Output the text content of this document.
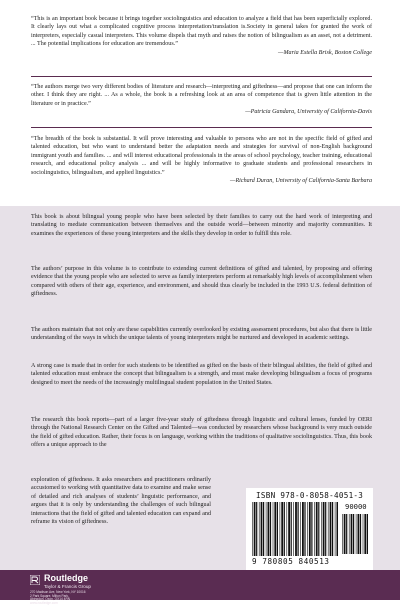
“This is an important book because it brings together sociolinguistics and education to analyze a field that has been superficially explored. It clearly lays out what a complicated cognitive process interpretation/translation is.Society in general takes for granted the work of interpreters, especially casual interpreters. This volume dispels that myth and raises the notion of bilingualism as an asset, not a detriment. ... The potential implications for education are tremendous.”
—Maria Estella Brisk, Boston College
“The authors merge two very different bodies of literature and research—interpreting and giftedness—and propose that one can inform the other. I think they are right. ... As a whole, the book is a refreshing look at an area of competence that is given little attention in the literature or in practice.”
—Patricia Gandara, University of California-Davis
“The breadth of the book is substantial. It will prove interesting and valuable to persons who are not in the specific field of gifted and talented education, but who want to understand better the adaptation needs and strategies for survival of non-English background immigrant youth and families. ... and will interest educational professionals in the areas of school psychology, teacher training, educational research, and educational policy analysis ... and will be highly informative to graduate students and professional researchers in sociolinguistics, bilingualism, and applied linguistics.”
—Richard Duran, University of California-Santa Barbara

This book is about bilingual young people who have been selected by their families to carry out the hard work of interpreting and translating to mediate communication between themselves and the outside world—between minority and majority communities. It examines the experiences of these young interpreters and the skills they develop in order to fulfill this role.

The authors’ purpose in this volume is to contribute to extending current definitions of gifted and talented, by proposing and offering evidence that the young people who are selected to serve as family interpreters perform at remarkably high levels of accomplishment when compared with others of their age, experience, and environment, and should thus clearly be included in the 1993 U.S. federal definition of giftedness.

The authors maintain that not only are these capabilities currently overlooked by existing assessment procedures, but also that there is little understanding of the ways in which the unique talents of young interpreters might be nurtured and developed in academic settings.

A strong case is made that in order for such students to be identified as gifted on the basis of their bilingual abilities, the field of gifted and talented education must embrace the concept that bilingualism is a strength, and must make developing bilingualism a focus of programs designed to meet the needs of the increasingly multilingual student population in the United States.

The research this book reports—part of a larger five-year study of giftedness through linguistic and cultural lenses, funded by OERI through the National Research Center on the Gifted and Talented—was conducted by researchers whose background is very much outside the field of gifted education. Rather, their focus is on language, working within the traditions of qualitative sociolinguistics. Thus, this book offers a unique approach to the

exploration of giftedness. It asks researchers and practitioners ordinarily accustomed to working with quantitative data to examine and make sense of detailed and rich analyses of students’ linguistic performance, and argues that it is only by understanding the challenges of such bilingual interactions that the field of gifted and talented education can expand and reframe its vision of giftedness.

ISBN 978-0-8058-4051-3
90000
9 780805 840513
Routledge
Taylor & Francis Group
270 Madison Ave, New York, NY 10016
2 Park Square, Milton Park,
Abingdon, Oxon, OX14 4RN
www.routledge.com
